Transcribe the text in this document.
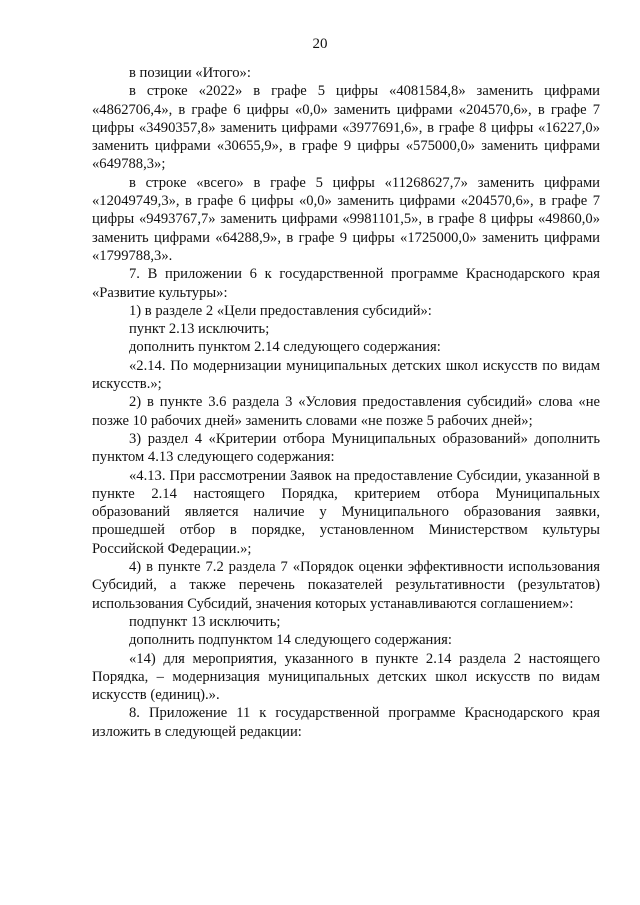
20

в позиции «Итого»:

в строке «2022» в графе 5 цифры «4081584,8» заменить цифрами «4862706,4», в графе 6 цифры «0,0» заменить цифрами «204570,6», в графе 7 цифры «3490357,8» заменить цифрами «3977691,6», в графе 8 цифры «16227,0» заменить цифрами «30655,9», в графе 9 цифры «575000,0» заменить цифрами «649788,3»;

в строке «всего» в графе 5 цифры «11268627,7» заменить цифрами «12049749,3», в графе 6 цифры «0,0» заменить цифрами «204570,6», в графе 7 цифры «9493767,7» заменить цифрами «9981101,5», в графе 8 цифры «49860,0» заменить цифрами «64288,9», в графе 9 цифры «1725000,0» заменить цифрами «1799788,3».

7. В приложении 6 к государственной программе Краснодарского края «Развитие культуры»:

1) в разделе 2 «Цели предоставления субсидий»:

пункт 2.13 исключить;

дополнить пунктом 2.14 следующего содержания:

«2.14. По модернизации муниципальных детских школ искусств по видам искусств.»;

2) в пункте 3.6 раздела 3 «Условия предоставления субсидий» слова «не позже 10 рабочих дней» заменить словами «не позже 5 рабочих дней»;

3) раздел 4 «Критерии отбора Муниципальных образований» дополнить пунктом 4.13 следующего содержания:

«4.13. При рассмотрении Заявок на предоставление Субсидии, указанной в пункте 2.14 настоящего Порядка, критерием отбора Муниципальных образований является наличие у Муниципального образования заявки, прошедшей отбор в порядке, установленном Министерством культуры Российской Федерации.»;

4) в пункте 7.2 раздела 7 «Порядок оценки эффективности использования Субсидий, а также перечень показателей результативности (результатов) использования Субсидий, значения которых устанавливаются соглашением»:

подпункт 13 исключить;

дополнить подпунктом 14 следующего содержания:

«14) для мероприятия, указанного в пункте 2.14 раздела 2 настоящего Порядка, – модернизация муниципальных детских школ искусств по видам искусств (единиц).».

8. Приложение 11 к государственной программе Краснодарского края изложить в следующей редакции:
